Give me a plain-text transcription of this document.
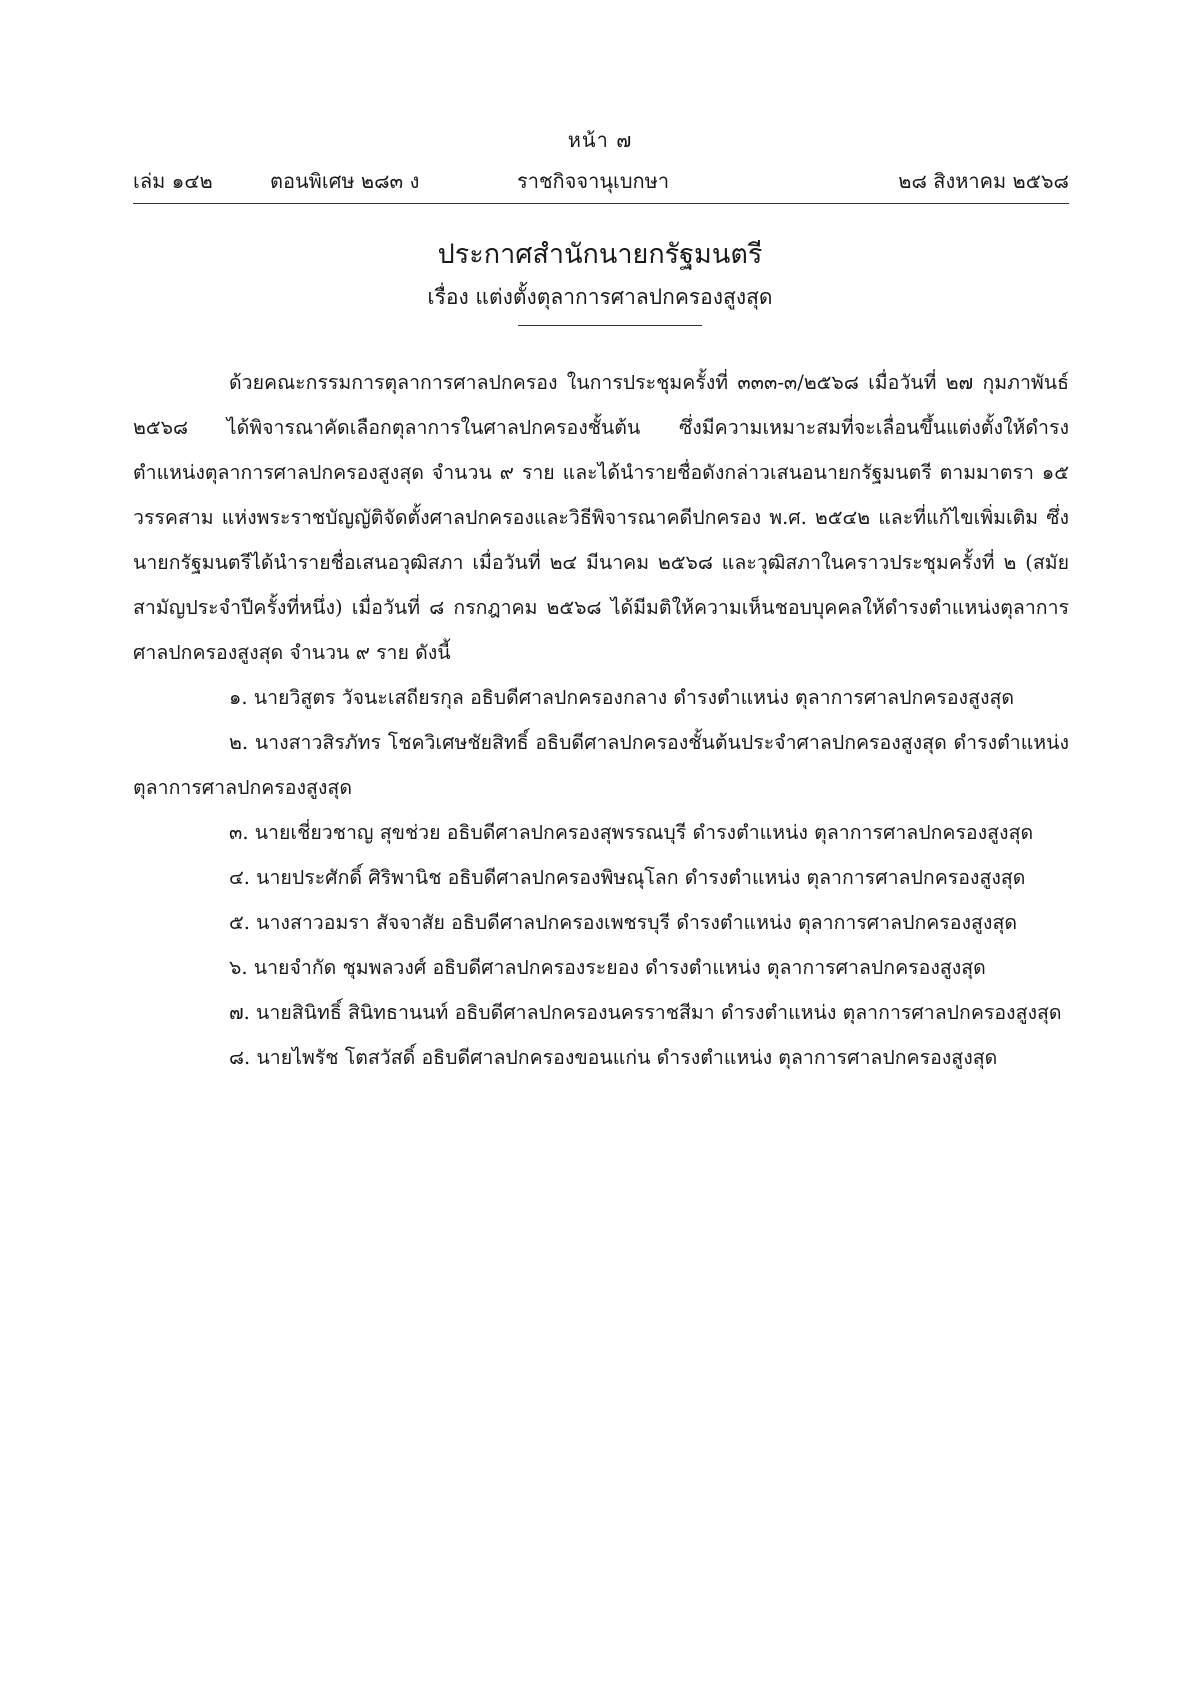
หน้า ๗
เล่ม ๑๔๒	ตอนพิเศษ ๒๘๓ ง	ราชกิจจานุเบกษา	๒๘ สิงหาคม ๒๕๖๘
ประกาศสำนักนายกรัฐมนตรี
เรื่อง แต่งตั้งตุลาการศาลปกครองสูงสุด

ด้วยคณะกรรมการตุลาการศาลปกครอง ในการประชุมครั้งที่ ๓๓๓-๓/๒๕๖๘ เมื่อวันที่ ๒๗ กุมภาพันธ์ ๒๕๖๘ ได้พิจารณาคัดเลือกตุลาการในศาลปกครองชั้นต้น ซึ่งมีความเหมาะสมที่จะเลื่อนขึ้นแต่งตั้งให้ดำรงตำแหน่งตุลาการศาลปกครองสูงสุด จำนวน ๙ ราย และได้นำรายชื่อดังกล่าวเสนอนายกรัฐมนตรี ตามมาตรา ๑๕ วรรคสาม แห่งพระราชบัญญัติจัดตั้งศาลปกครองและวิธีพิจารณาคดีปกครอง พ.ศ. ๒๕๔๒ และที่แก้ไขเพิ่มเติม ซึ่งนายกรัฐมนตรีได้นำรายชื่อเสนอวุฒิสภา เมื่อวันที่ ๒๔ มีนาคม ๒๕๖๘ และวุฒิสภาในคราวประชุมครั้งที่ ๒ (สมัยสามัญประจำปีครั้งที่หนึ่ง) เมื่อวันที่ ๘ กรกฎาคม ๒๕๖๘ ได้มีมติให้ความเห็นชอบบุคคลให้ดำรงตำแหน่งตุลาการศาลปกครองสูงสุด จำนวน ๙ ราย ดังนี้

๑. นายวิสูตร วัจนะเสถียรกุล อธิบดีศาลปกครองกลาง ดำรงตำแหน่ง ตุลาการศาลปกครองสูงสุด

๒. นางสาวสิรภัทร โชควิเศษชัยสิทธิ์ อธิบดีศาลปกครองชั้นต้นประจำศาลปกครองสูงสุด ดำรงตำแหน่ง ตุลาการศาลปกครองสูงสุด

๓. นายเชี่ยวชาญ สุขช่วย อธิบดีศาลปกครองสุพรรณบุรี ดำรงตำแหน่ง ตุลาการศาลปกครองสูงสุด

๔. นายประศักดิ์ ศิริพานิช อธิบดีศาลปกครองพิษณุโลก ดำรงตำแหน่ง ตุลาการศาลปกครองสูงสุด

๕. นางสาวอมรา สัจจาสัย อธิบดีศาลปกครองเพชรบุรี ดำรงตำแหน่ง ตุลาการศาลปกครองสูงสุด

๖. นายจำกัด ชุมพลวงศ์ อธิบดีศาลปกครองระยอง ดำรงตำแหน่ง ตุลาการศาลปกครองสูงสุด

๗. นายสินิทธิ์ สินิทธานนท์ อธิบดีศาลปกครองนครราชสีมา ดำรงตำแหน่ง ตุลาการศาลปกครองสูงสุด

๘. นายไพรัช โตสวัสดิ์ อธิบดีศาลปกครองขอนแก่น ดำรงตำแหน่ง ตุลาการศาลปกครองสูงสุด
